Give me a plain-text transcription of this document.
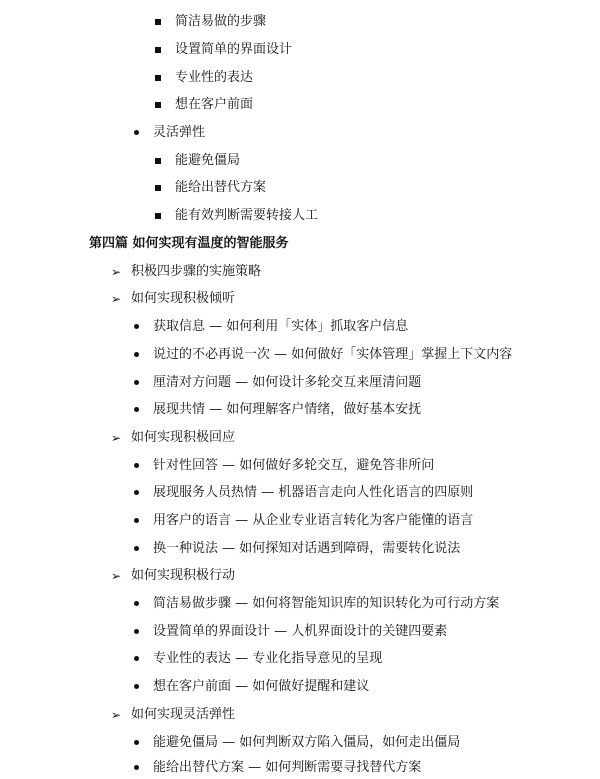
简洁易做的步骤
设置简单的界面设计
专业性的表达
想在客户前面
灵活弹性
能避免僵局
能给出替代方案
能有效判断需要转接人工
第四篇 如何实现有温度的智能服务
➢ 积极四步骤的实施策略
➢ 如何实现积极倾听
获取信息 — 如何利用「实体」抓取客户信息
说过的不必再说一次 — 如何做好「实体管理」掌握上下文内容
厘清对方问题 — 如何设计多轮交互来厘清问题
展现共情 — 如何理解客户情绪，做好基本安抚
➢ 如何实现积极回应
针对性回答 — 如何做好多轮交互，避免答非所问
展现服务人员热情 — 机器语言走向人性化语言的四原则
用客户的语言 — 从企业专业语言转化为客户能懂的语言
换一种说法 — 如何探知对话遇到障碍，需要转化说法
➢ 如何实现积极行动
简洁易做步骤 — 如何将智能知识库的知识转化为可行动方案
设置简单的界面设计 — 人机界面设计的关键四要素
专业性的表达 — 专业化指导意见的呈现
想在客户前面 — 如何做好提醒和建议
➢ 如何实现灵活弹性
能避免僵局 — 如何判断双方陷入僵局，如何走出僵局
能给出替代方案 — 如何判断需要寻找替代方案
